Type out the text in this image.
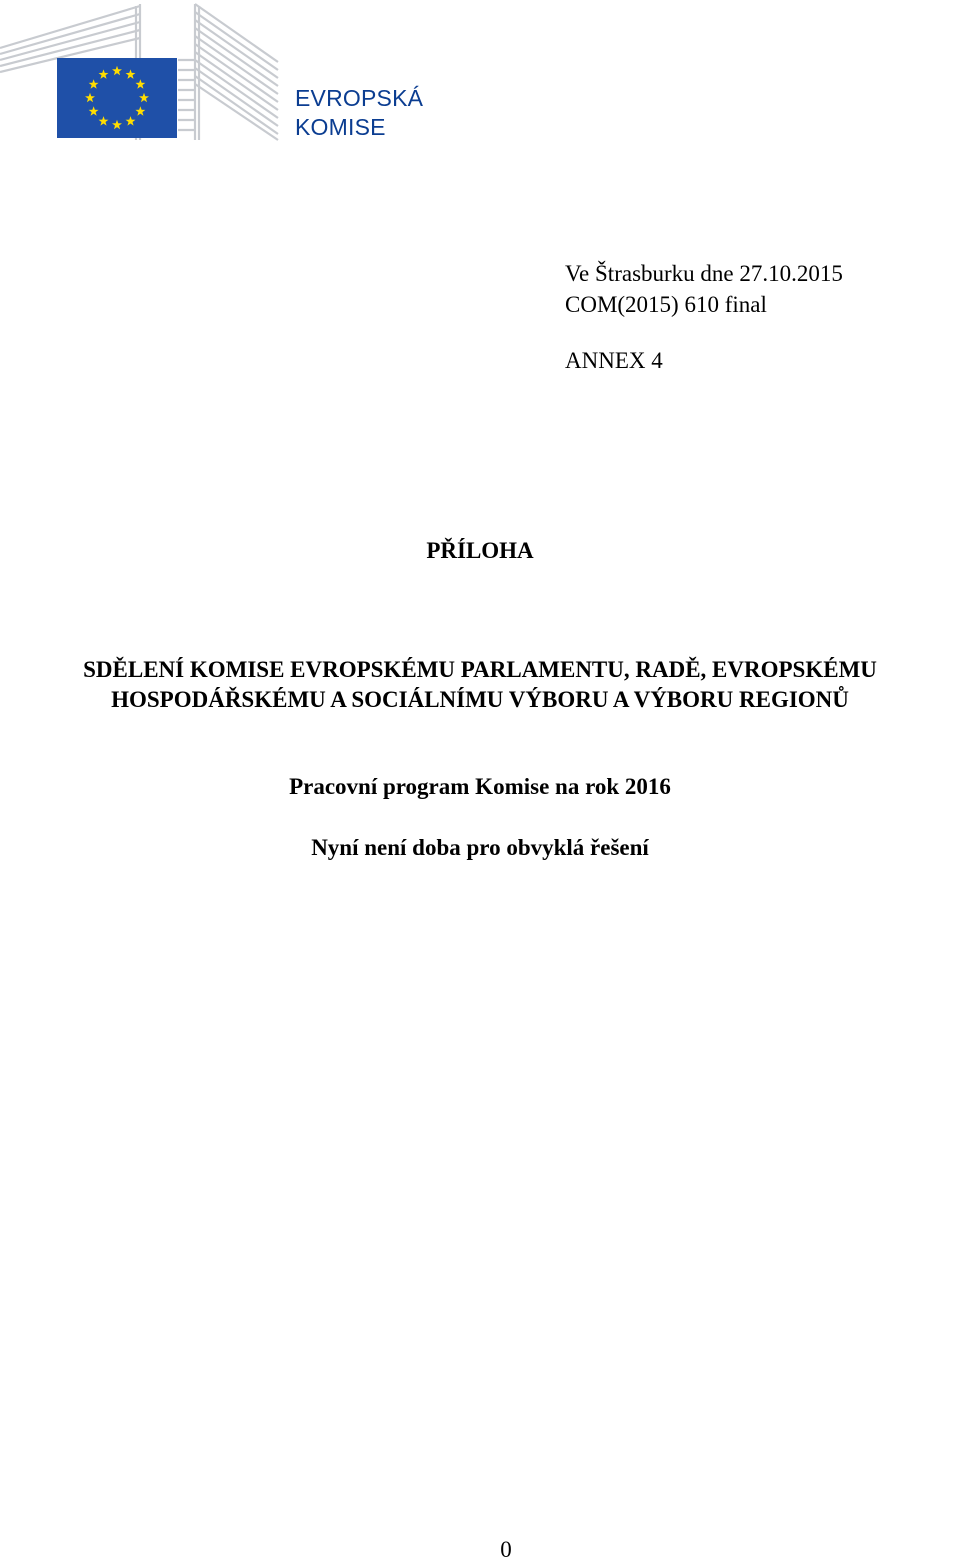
EVROPSKÁ
KOMISE
Ve Štrasburku dne 27.10.2015
COM(2015) 610 final
ANNEX 4
PŘÍLOHA
SDĚLENÍ KOMISE EVROPSKÉMU PARLAMENTU, RADĚ, EVROPSKÉMU
HOSPODÁŘSKÉMU A SOCIÁLNÍMU VÝBORU A VÝBORU REGIONŮ
Pracovní program Komise na rok 2016
Nyní není doba pro obvyklá řešení
0
